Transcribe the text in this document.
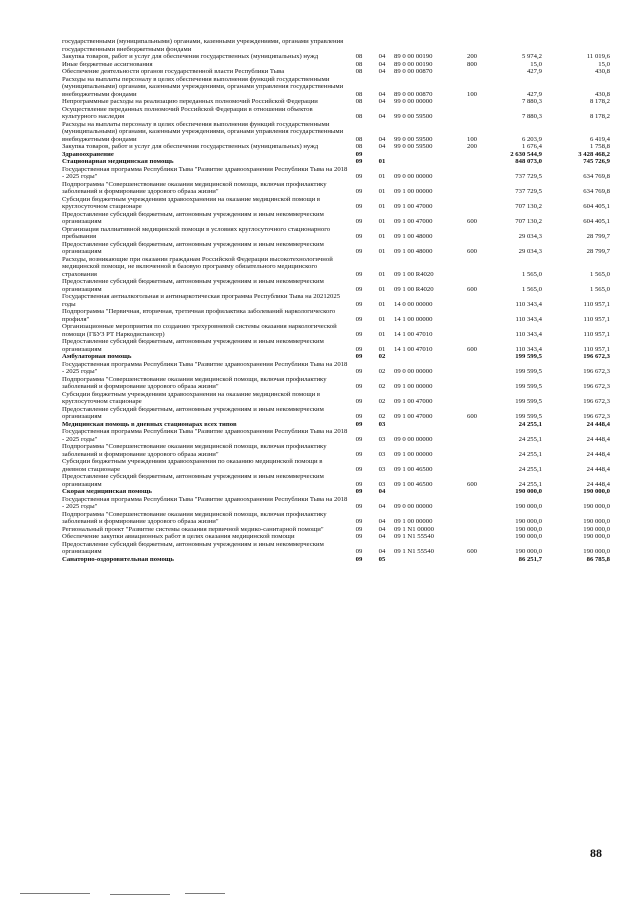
государственными (муниципальными) органами, казенными учреждениями, органами управления государственными внебюджетными фондами						
Закупка товаров, работ и услуг для обеспечения государственных (муниципальных) нужд	08	04	89 0 00 00190	200	5 974,2	11 019,6
Иные бюджетные ассигнования	08	04	89 0 00 00190	800	15,0	15,0
Обеспечение деятельности органов государственной власти Республики Тыва	08	04	89 0 00 00870		427,9	430,8
Расходы на выплаты персоналу в целях обеспечения выполнения функций государственными (муниципальными) органами, казенными учреждениями, органами управления государственными внебюджетными фондами	08	04	89 0 00 00870	100	427,9	430,8
Непрограммные расходы на реализацию переданных полномочий Российской Федерации	08	04	99 0 00 00000		7 880,3	8 178,2
Осуществление переданных полномочий Российской Федерации в отношении объектов культурного наследия	08	04	99 0 00 59500		7 880,3	8 178,2
Расходы на выплаты персоналу в целях обеспечения выполнения функций государственными (муниципальными) органами, казенными учреждениями, органами управления государственными внебюджетными фондами	08	04	99 0 00 59500	100	6 203,9	6 419,4
Закупка товаров, работ и услуг для обеспечения государственных (муниципальных) нужд	08	04	99 0 00 59500	200	1 676,4	1 758,8
Здравоохранение	09				2 630 544,9	3 428 468,2
Стационарная медицинская помощь	09	01			848 073,0	745 726,9
Государственная программа Республики Тыва "Развитие здравоохранения Республики Тыва на 2018 - 2025 годы"	09	01	09 0 00 00000		737 729,5	634 769,8
Подпрограмма "Совершенствование оказания медицинской помощи, включая профилактику заболеваний и формирование здорового образа жизни"	09	01	09 1 00 00000		737 729,5	634 769,8
Субсидии бюджетным учреждениям здравоохранения на оказание медицинской помощи в круглосуточном стационаре	09	01	09 1 00 47000		707 130,2	604 405,1
Предоставление субсидий бюджетным, автономным учреждениям и иным некоммерческим организациям	09	01	09 1 00 47000	600	707 130,2	604 405,1
Организация паллиативной медицинской помощи в условиях круглосуточного стационарного пребывания	09	01	09 1 00 48000		29 034,3	28 799,7
Предоставление субсидий бюджетным, автономным учреждениям и иным некоммерческим организациям	09	01	09 1 00 48000	600	29 034,3	28 799,7
Расходы, возникающие при оказании гражданам Российской Федерации высокотехнологичной медицинской помощи, не включенной в базовую программу обязательного медицинского страхования	09	01	09 1 00 R4020		1 565,0	1 565,0
Предоставление субсидий бюджетным, автономным учреждениям и иным некоммерческим организациям	09	01	09 1 00 R4020	600	1 565,0	1 565,0
Государственная антиалкогольная и антинаркотическая программа Республики Тыва на 20212025 годы	09	01	14 0 00 00000		110 343,4	110 957,1
Подпрограмма "Первичная, вторичная, третичная профилактика заболеваний наркологического профиля"	09	01	14 1 00 00000		110 343,4	110 957,1
Организационные мероприятия по созданию трехуровневой системы оказания наркологической помощи (ГБУЗ РТ Наркодиспансер)	09	01	14 1 00 47010		110 343,4	110 957,1
Предоставление субсидий бюджетным, автономным учреждениям и иным некоммерческим организациям	09	01	14 1 00 47010	600	110 343,4	110 957,1
Амбулаторная помощь	09	02			199 599,5	196 672,3
Государственная программа Республики Тыва "Развитие здравоохранения Республики Тыва на 2018 - 2025 годы"	09	02	09 0 00 00000		199 599,5	196 672,3
Подпрограмма "Совершенствование оказания медицинской помощи, включая профилактику заболеваний и формирование здорового образа жизни"	09	02	09 1 00 00000		199 599,5	196 672,3
Субсидии бюджетным учреждениям здравоохранения на оказание медицинской помощи в круглосуточном стационаре	09	02	09 1 00 47000		199 599,5	196 672,3
Предоставление субсидий бюджетным, автономным учреждениям и иным некоммерческим организациям	09	02	09 1 00 47000	600	199 599,5	196 672,3
Медицинская помощь в дневных стационарах всех типов	09	03			24 255,1	24 448,4
Государственная программа Республики Тыва "Развитие здравоохранения Республики Тыва на 2018 - 2025 годы"	09	03	09 0 00 00000		24 255,1	24 448,4
Подпрограмма "Совершенствование оказания медицинской помощи, включая профилактику заболеваний и формирование здорового образа жизни"	09	03	09 1 00 00000		24 255,1	24 448,4
Субсидии бюджетным учреждениям здравоохранения по оказанию медицинской помощи в дневном стационаре	09	03	09 1 00 46500		24 255,1	24 448,4
Предоставление субсидий бюджетным, автономным учреждениям и иным некоммерческим организациям	09	03	09 1 00 46500	600	24 255,1	24 448,4
Скорая медицинская помощь	09	04			190 000,0	190 000,0
Государственная программа Республики Тыва "Развитие здравоохранения Республики Тыва на 2018 - 2025 годы"	09	04	09 0 00 00000		190 000,0	190 000,0
Подпрограмма "Совершенствование оказания медицинской помощи, включая профилактику заболеваний и формирование здорового образа жизни"	09	04	09 1 00 00000		190 000,0	190 000,0
Региональный проект "Развитие системы оказания первичной медико-санитарной помощи"	09	04	09 1 N1 00000		190 000,0	190 000,0
Обеспечение закупки авиационных работ в целях оказания медицинской помощи	09	04	09 1 N1 55540		190 000,0	190 000,0
Предоставление субсидий бюджетным, автономным учреждениям и иным некоммерческим организациям	09	04	09 1 N1 55540	600	190 000,0	190 000,0
Санаторно-оздоровительная помощь	09	05			86 251,7	86 785,8
88
